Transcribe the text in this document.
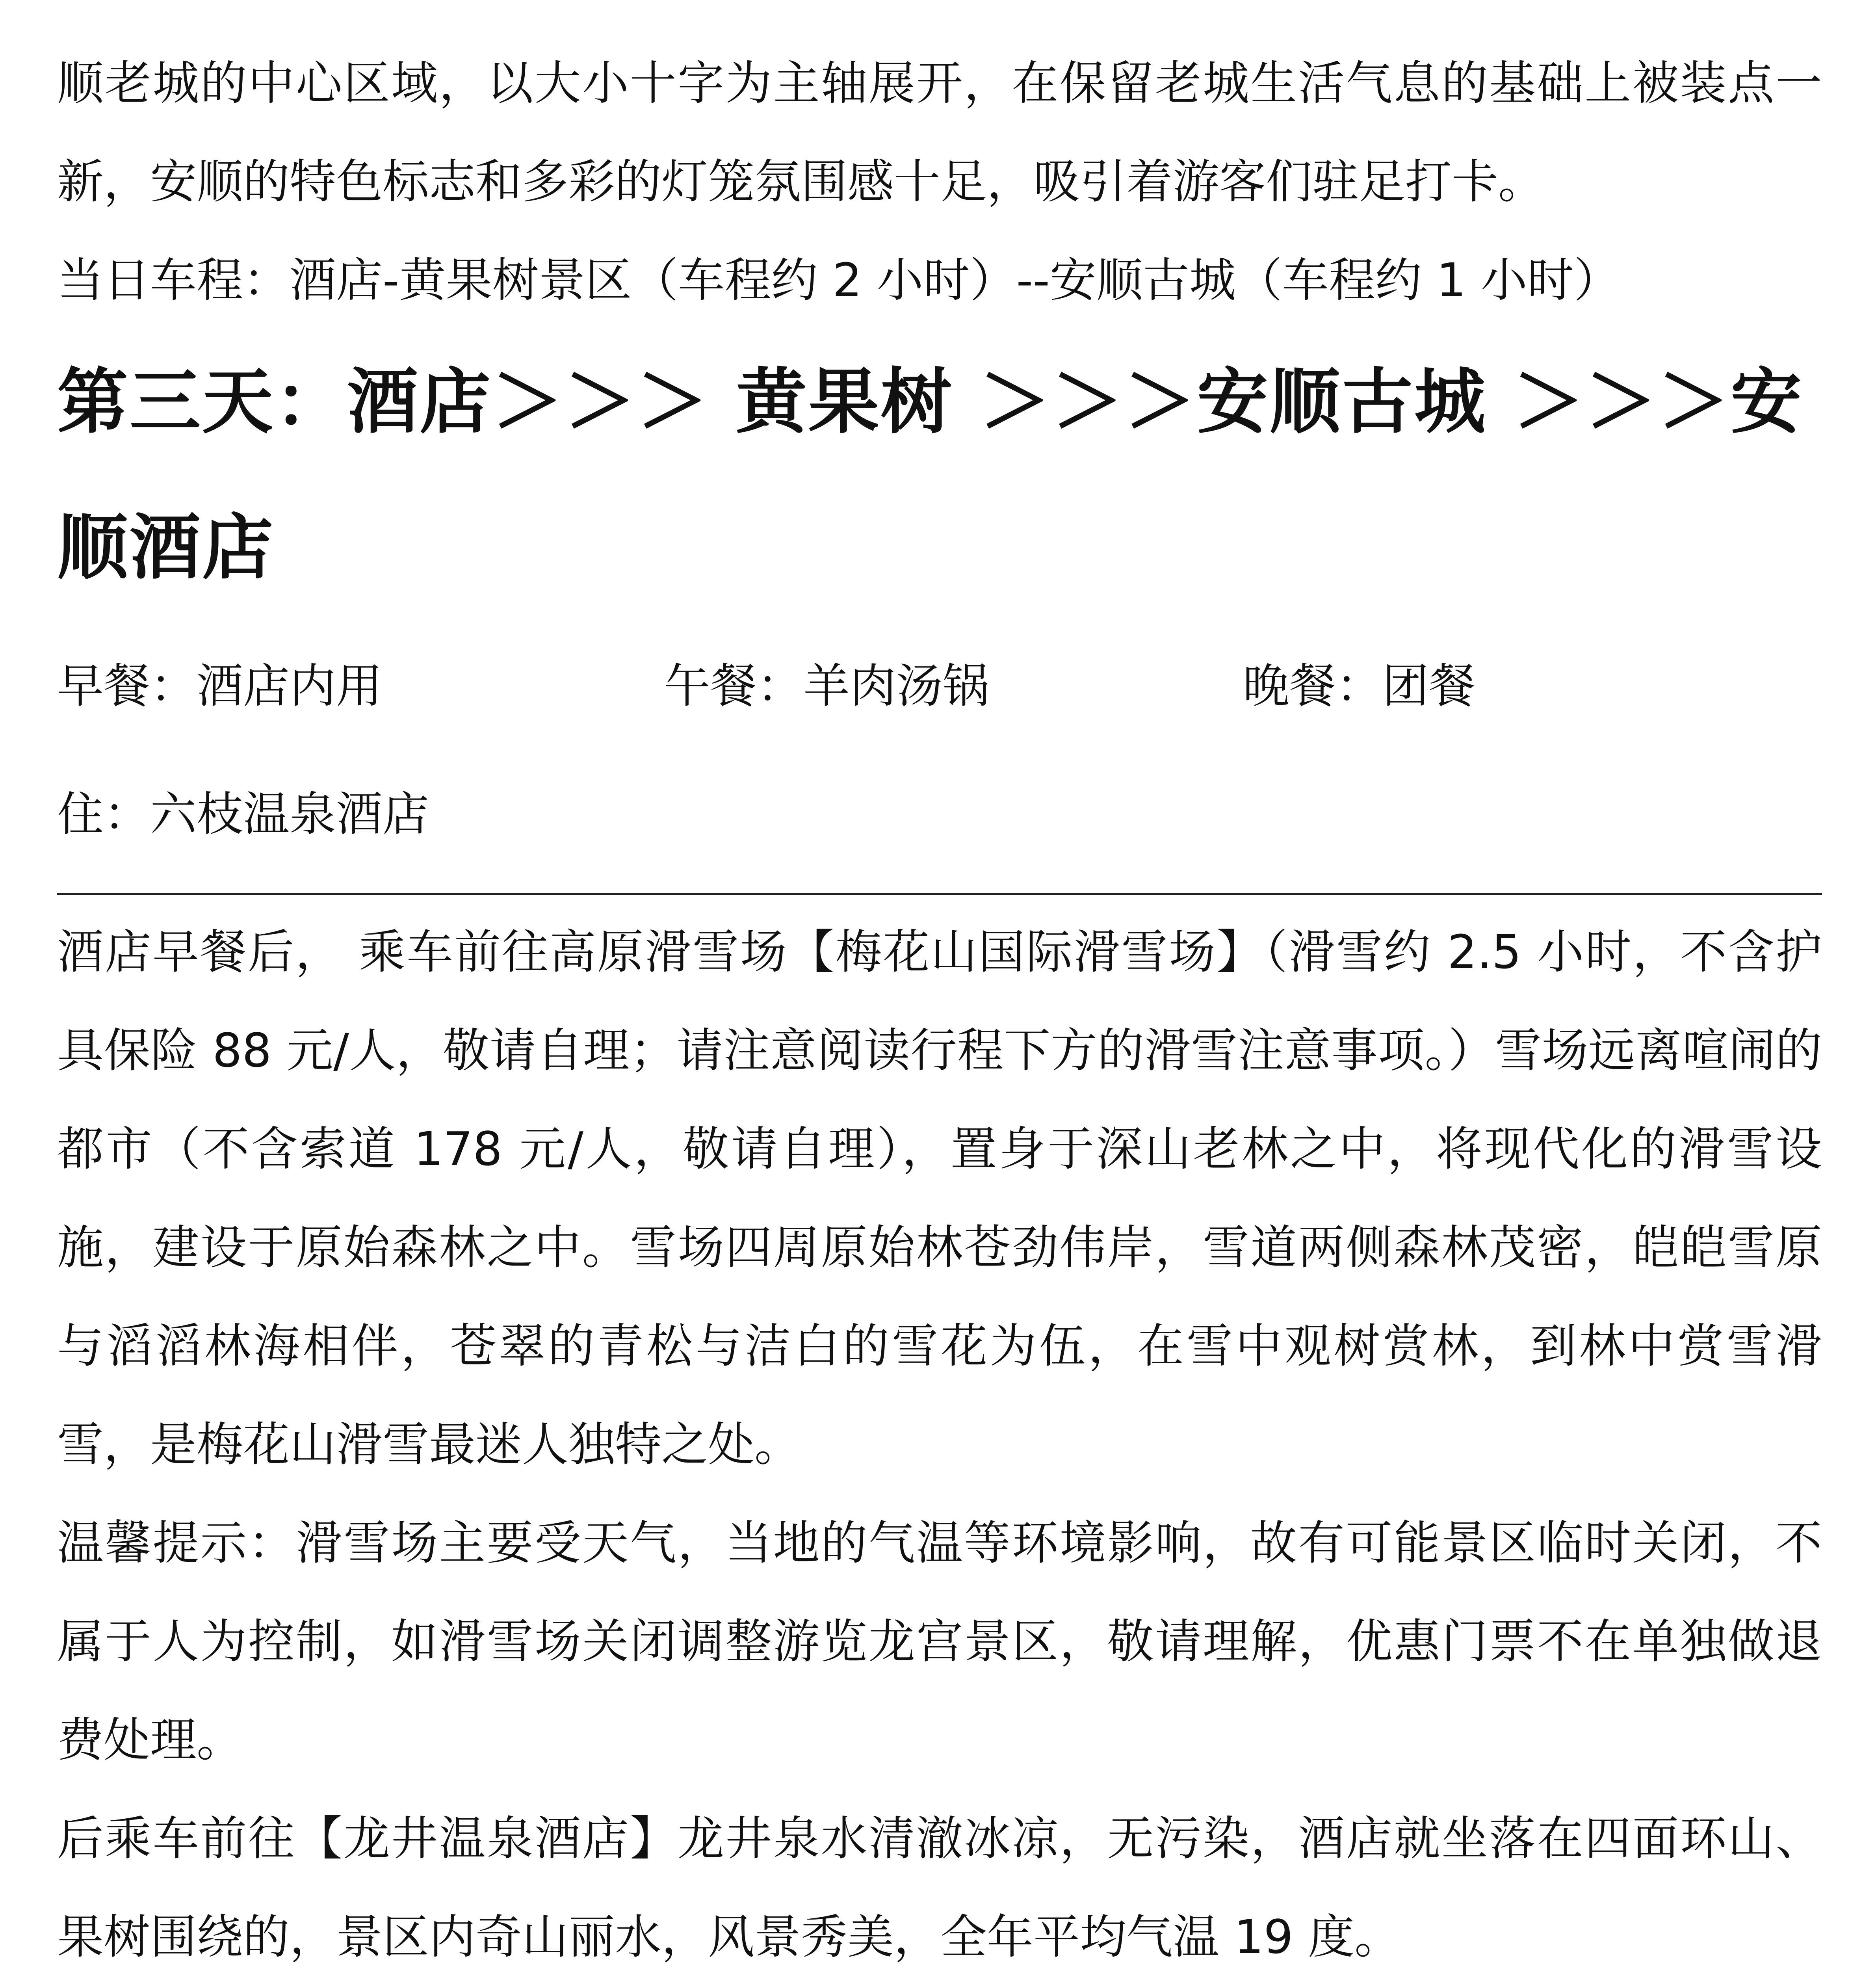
顺老城的中心区域，以大小十字为主轴展开，在保留老城生活气息的基础上被装点一新，安顺的特色标志和多彩的灯笼氛围感十足，吸引着游客们驻足打卡。

当日车程：酒店-黄果树景区（车程约 2 小时）--安顺古城（车程约 1 小时）

第三天：酒店＞＞＞ 黄果树 ＞＞＞安顺古城 ＞＞＞安顺酒店
早餐：酒店内用	午餐：羊肉汤锅	晚餐：团餐
住：六枝温泉酒店

酒店早餐后， 乘车前往高原滑雪场【梅花山国际滑雪场】（滑雪约 2.5 小时，不含护具保险 88 元/人，敬请自理；请注意阅读行程下方的滑雪注意事项。）雪场远离喧闹的都市（不含索道 178 元/人，敬请自理），置身于深山老林之中，将现代化的滑雪设施，建设于原始森林之中。雪场四周原始林苍劲伟岸，雪道两侧森林茂密，皑皑雪原与滔滔林海相伴，苍翠的青松与洁白的雪花为伍，在雪中观树赏林，到林中赏雪滑雪，是梅花山滑雪最迷人独特之处。

温馨提示：滑雪场主要受天气，当地的气温等环境影响，故有可能景区临时关闭，不属于人为控制，如滑雪场关闭调整游览龙宫景区，敬请理解，优惠门票不在单独做退费处理。

后乘车前往【龙井温泉酒店】龙井泉水清澈冰凉，无污染，酒店就坐落在四面环山、果树围绕的，景区内奇山丽水，风景秀美，全年平均气温 19 度。
